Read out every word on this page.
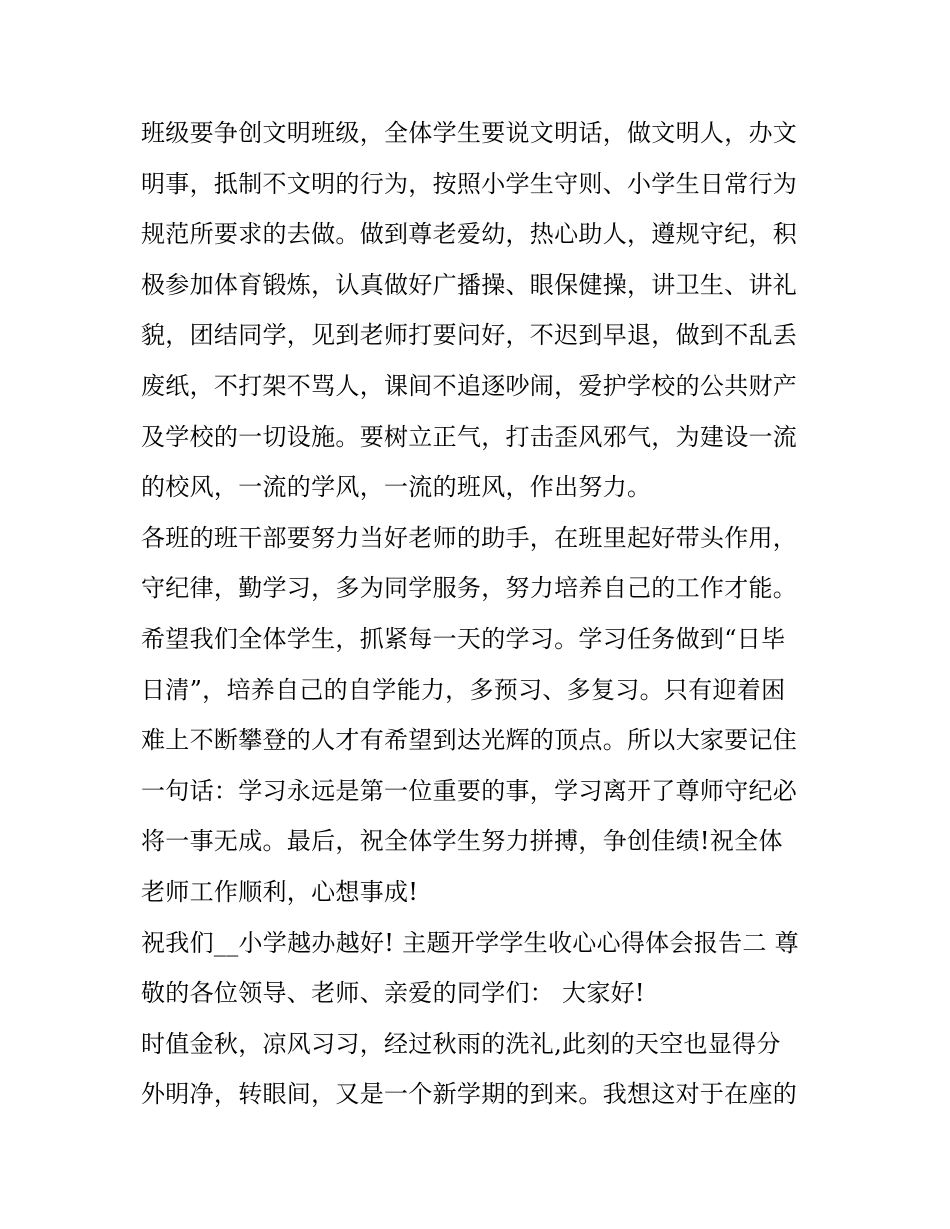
班级要争创文明班级，全体学生要说文明话，做文明人，办文
明事，抵制不文明的行为，按照小学生守则、小学生日常行为
规范所要求的去做。做到尊老爱幼，热心助人，遵规守纪，积
极参加体育锻炼，认真做好广播操、眼保健操，讲卫生、讲礼
貌，团结同学，见到老师打要问好，不迟到早退，做到不乱丢
废纸，不打架不骂人，课间不追逐吵闹，爱护学校的公共财产
及学校的一切设施。要树立正气，打击歪风邪气，为建设一流
的校风，一流的学风，一流的班风，作出努力。
各班的班干部要努力当好老师的助手，在班里起好带头作用，
守纪律，勤学习，多为同学服务，努力培养自己的工作才能。
希望我们全体学生，抓紧每一天的学习。学习任务做到“日毕
日清”，培养自己的自学能力，多预习、多复习。只有迎着困
难上不断攀登的人才有希望到达光辉的顶点。所以大家要记住
一句话：学习永远是第一位重要的事，学习离开了尊师守纪必
将一事无成。最后，祝全体学生努力拼搏，争创佳绩!祝全体
老师工作顺利，心想事成!
祝我们__小学越办越好! 主题开学学生收心心得体会报告二 尊
敬的各位领导、老师、亲爱的同学们： 大家好!
时值金秋，凉风习习，经过秋雨的洗礼,此刻的天空也显得分
外明净，转眼间，又是一个新学期的到来。我想这对于在座的
